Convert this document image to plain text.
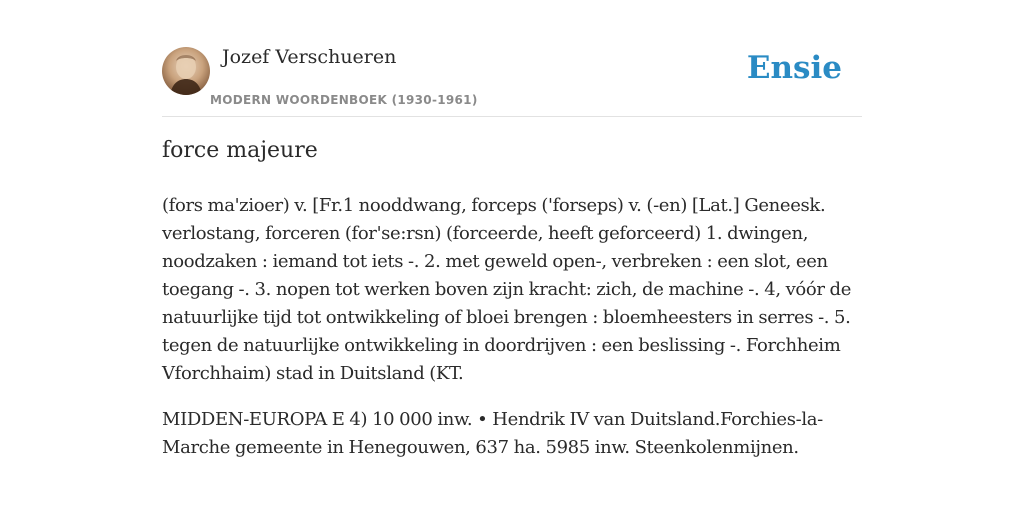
Jozef Verschueren
MODERN WOORDENBOEK (1930-1961)
Ensie
force majeure

(fors ma'zioer) v. [Fr.1 nooddwang, forceps ('forseps) v. (-en) [Lat.] Geneesk. verlostang, forceren (for'se:rsn) (forceerde, heeft geforceerd) 1. dwingen, noodzaken : iemand tot iets -. 2. met geweld open-, verbreken : een slot, een toegang -. 3. nopen tot werken boven zijn kracht: zich, de machine -. 4, vóór de natuurlijke tijd tot ontwikkeling of bloei brengen : bloemheesters in serres -. 5. tegen de natuurlijke ontwikkeling in doordrijven : een beslissing -. Forchheim Vforchhaim) stad in Duitsland (KT.

MIDDEN-EUROPA E 4) 10 000 inw. • Hendrik IV van Duitsland.Forchies-la-Marche gemeente in Henegouwen, 637 ha. 5985 inw. Steenkolenmijnen.
